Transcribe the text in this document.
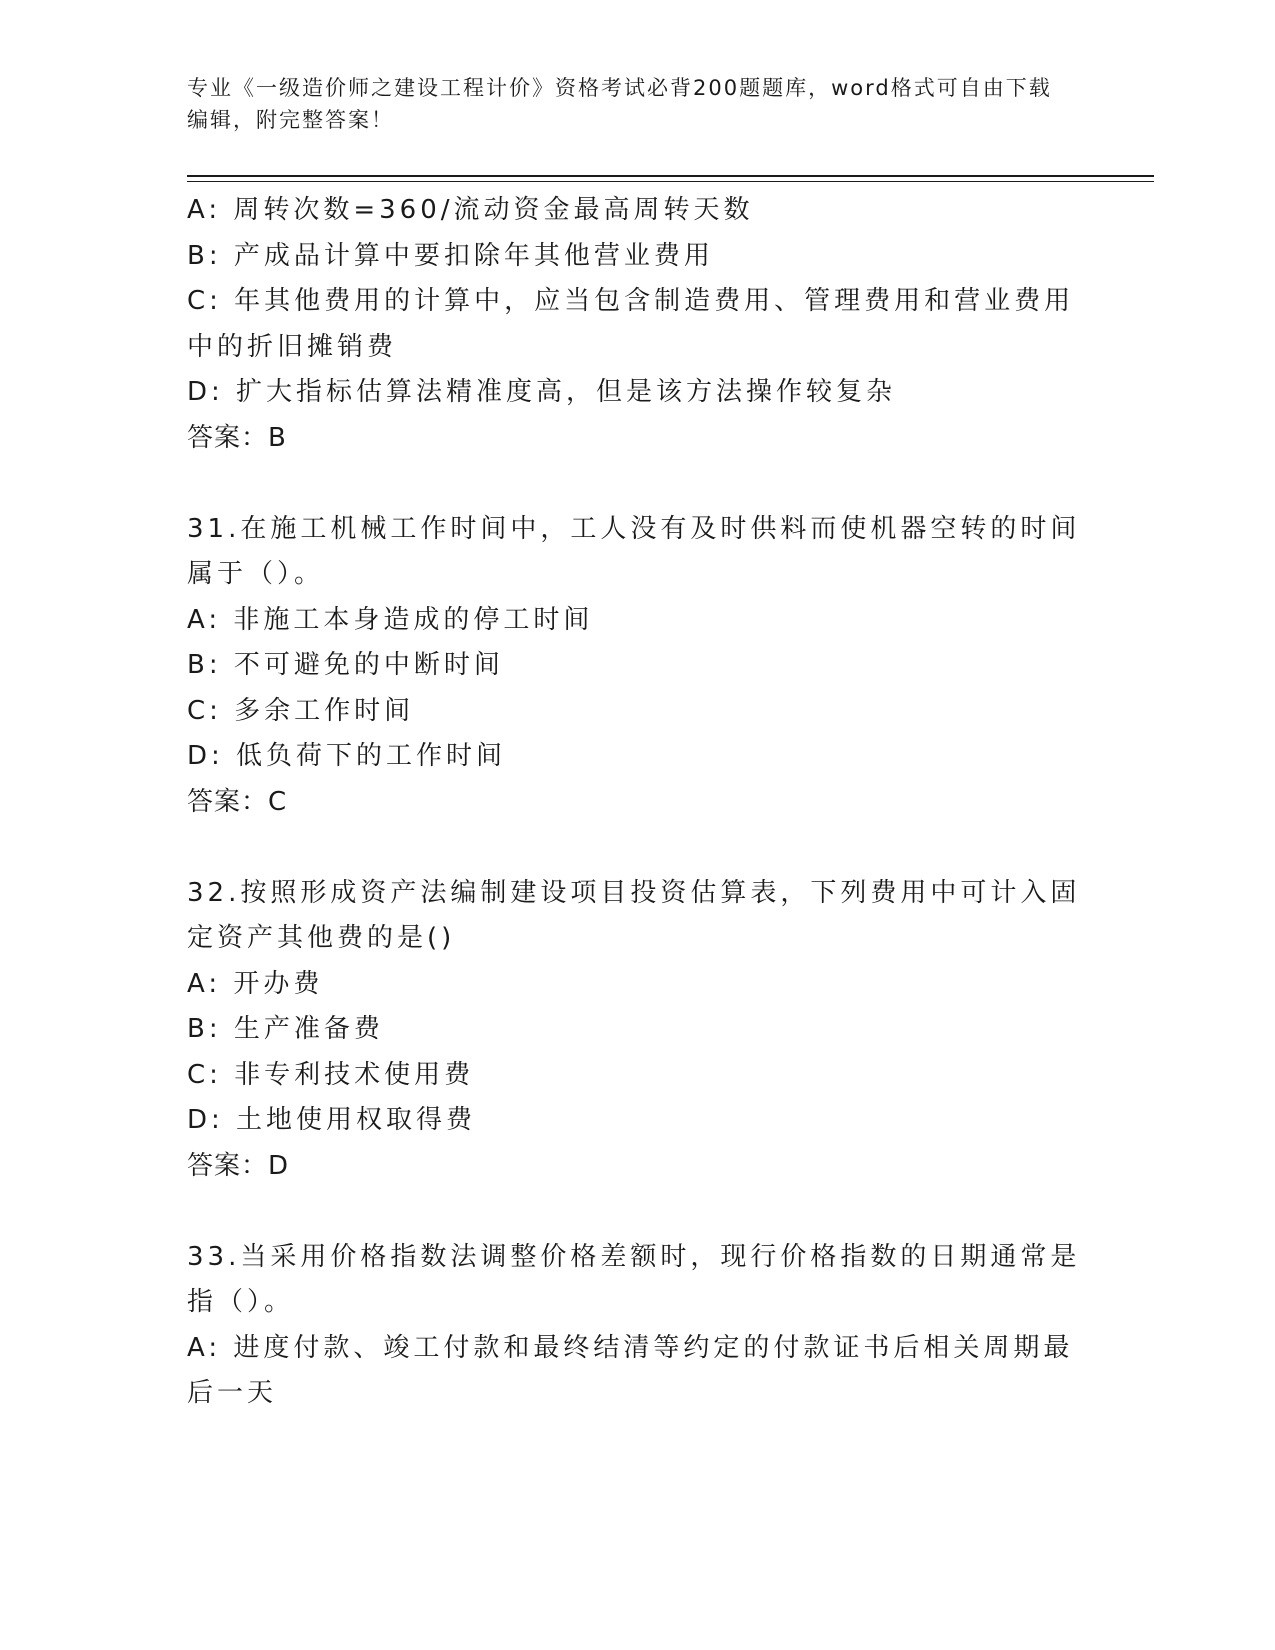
专业《一级造价师之建设工程计价》资格考试必背200题题库，word格式可自由下载编辑，附完整答案！
A: 周转次数=360/流动资金最高周转天数
B: 产成品计算中要扣除年其他营业费用
C: 年其他费用的计算中，应当包含制造费用、管理费用和营业费用中的折旧摊销费
D: 扩大指标估算法精准度高，但是该方法操作较复杂
答案：B
31.在施工机械工作时间中，工人没有及时供料而使机器空转的时间属于（）。
A: 非施工本身造成的停工时间
B: 不可避免的中断时间
C: 多余工作时间
D: 低负荷下的工作时间
答案：C
32.按照形成资产法编制建设项目投资估算表，下列费用中可计入固定资产其他费的是()
A: 开办费
B: 生产准备费
C: 非专利技术使用费
D: 土地使用权取得费
答案：D
33.当采用价格指数法调整价格差额时，现行价格指数的日期通常是指（）。
A: 进度付款、竣工付款和最终结清等约定的付款证书后相关周期最后一天
